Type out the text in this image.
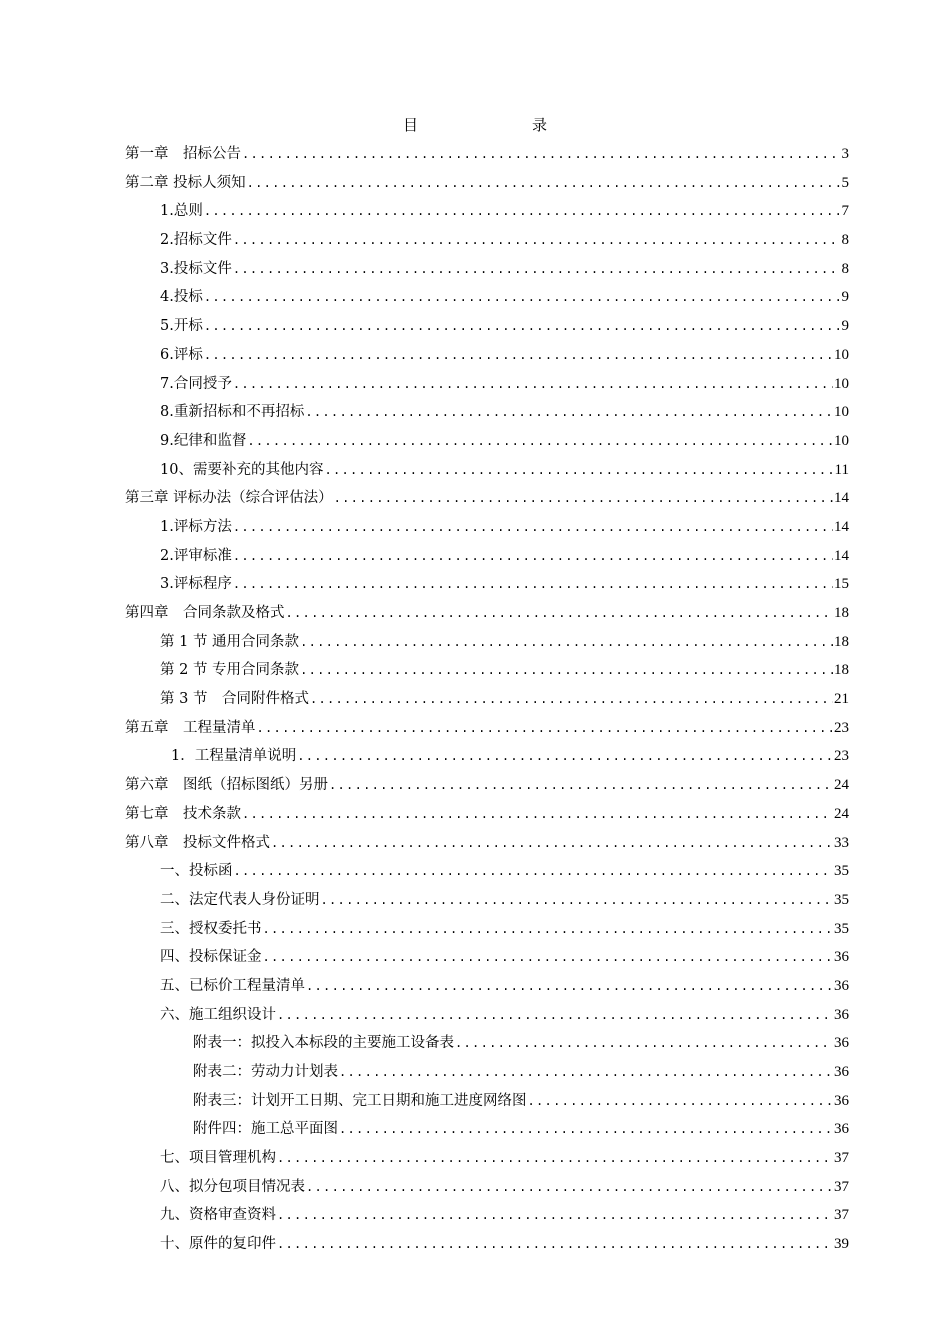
目　　录
第一章　招标公告 .....	3
第二章 投标人须知 .....	5
1.总则 .....	7
2.招标文件 .....	8
3.投标文件 .....	8
4.投标 .....	9
5.开标 .....	9
6.评标 .....	10
7.合同授予 .....	10
8.重新招标和不再招标 .....	10
9.纪律和监督 .....	10
10、需要补充的其他内容 .....	11
第三章 评标办法（综合评估法） .....	14
1.评标方法 .....	14
2.评审标准 .....	14
3.评标程序 .....	15
第四章　合同条款及格式 .....	18
第 1 节 通用合同条款 .....	18
第 2 节 专用合同条款 .....	18
第 3 节　合同附件格式 .....	21
第五章　工程量清单 .....	23
1．工程量清单说明 .....	23
第六章　图纸（招标图纸）另册 .....	24
第七章　技术条款 .....	24
第八章　投标文件格式 .....	33
一、投标函 .....	35
二、法定代表人身份证明 .....	35
三、授权委托书 .....	35
四、投标保证金 .....	36
五、已标价工程量清单 .....	36
六、施工组织设计 .....	36
附表一：拟投入本标段的主要施工设备表 .....	36
附表二：劳动力计划表 .....	36
附表三：计划开工日期、完工日期和施工进度网络图 .....	36
附件四：施工总平面图 .....	36
七、项目管理机构 .....	37
八、拟分包项目情况表 .....	37
九、资格审查资料 .....	37
十、原件的复印件 .....	39
